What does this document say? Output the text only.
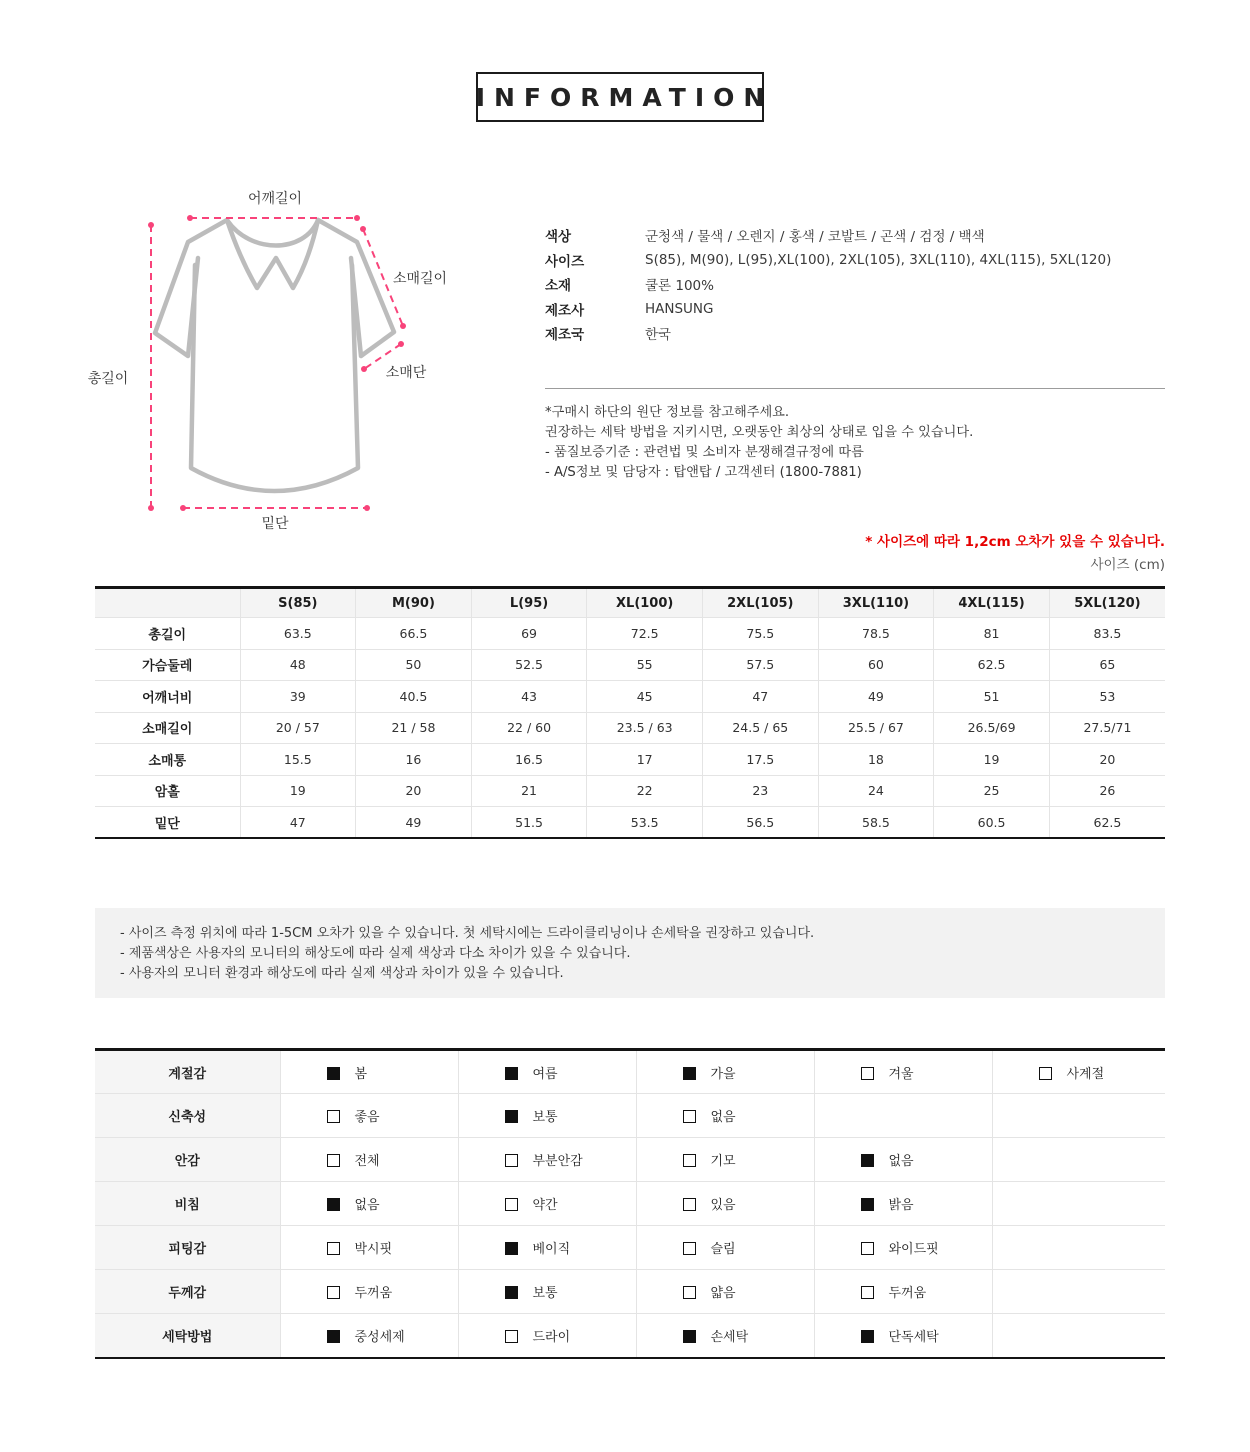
INFORMATION
어깨길이
소매길이
소매단
총길이
밑단
색상	군청색 / 물색 / 오렌지 / 홍색 / 코발트 / 곤색 / 검정 / 백색
사이즈	S(85), M(90), L(95),XL(100), 2XL(105), 3XL(110), 4XL(115), 5XL(120)
소재	쿨론 100%
제조사	HANSUNG
제조국	한국
*구매시 하단의 원단 정보를 참고해주세요.
권장하는 세탁 방법을 지키시면, 오랫동안 최상의 상태로 입을 수 있습니다.
- 품질보증기준 : 관련법 및 소비자 분쟁해결규정에 따름
- A/S정보 및 담당자 : 탑앤탑 / 고객센터 (1800-7881)
* 사이즈에 따라 1,2cm 오차가 있을 수 있습니다.
사이즈 (cm)
	S(85)	M(90)	L(95)	XL(100)	2XL(105)	3XL(110)	4XL(115)	5XL(120)
총길이	63.5	66.5	69	72.5	75.5	78.5	81	83.5
가슴둘레	48	50	52.5	55	57.5	60	62.5	65
어깨너비	39	40.5	43	45	47	49	51	53
소매길이	20 / 57	21 / 58	22 / 60	23.5 / 63	24.5 / 65	25.5 / 67	26.5/69	27.5/71
소매통	15.5	16	16.5	17	17.5	18	19	20
암홀	19	20	21	22	23	24	25	26
밑단	47	49	51.5	53.5	56.5	58.5	60.5	62.5
- 사이즈 측정 위치에 따라 1-5CM 오차가 있을 수 있습니다. 첫 세탁시에는 드라이클리닝이나 손세탁을 권장하고 있습니다.
- 제품색상은 사용자의 모니터의 해상도에 따라 실제 색상과 다소 차이가 있을 수 있습니다.
- 사용자의 모니터 환경과 해상도에 따라 실제 색상과 차이가 있을 수 있습니다.
계절감	봄	여름	가을	겨울	사계절
신축성	좋음	보통	없음		
안감	전체	부분안감	기모	없음	
비침	없음	약간	있음	밝음	
피팅감	박시핏	베이직	슬림	와이드핏	
두께감	두꺼움	보통	얇음	두꺼움	
세탁방법	중성세제	드라이	손세탁	단독세탁	
